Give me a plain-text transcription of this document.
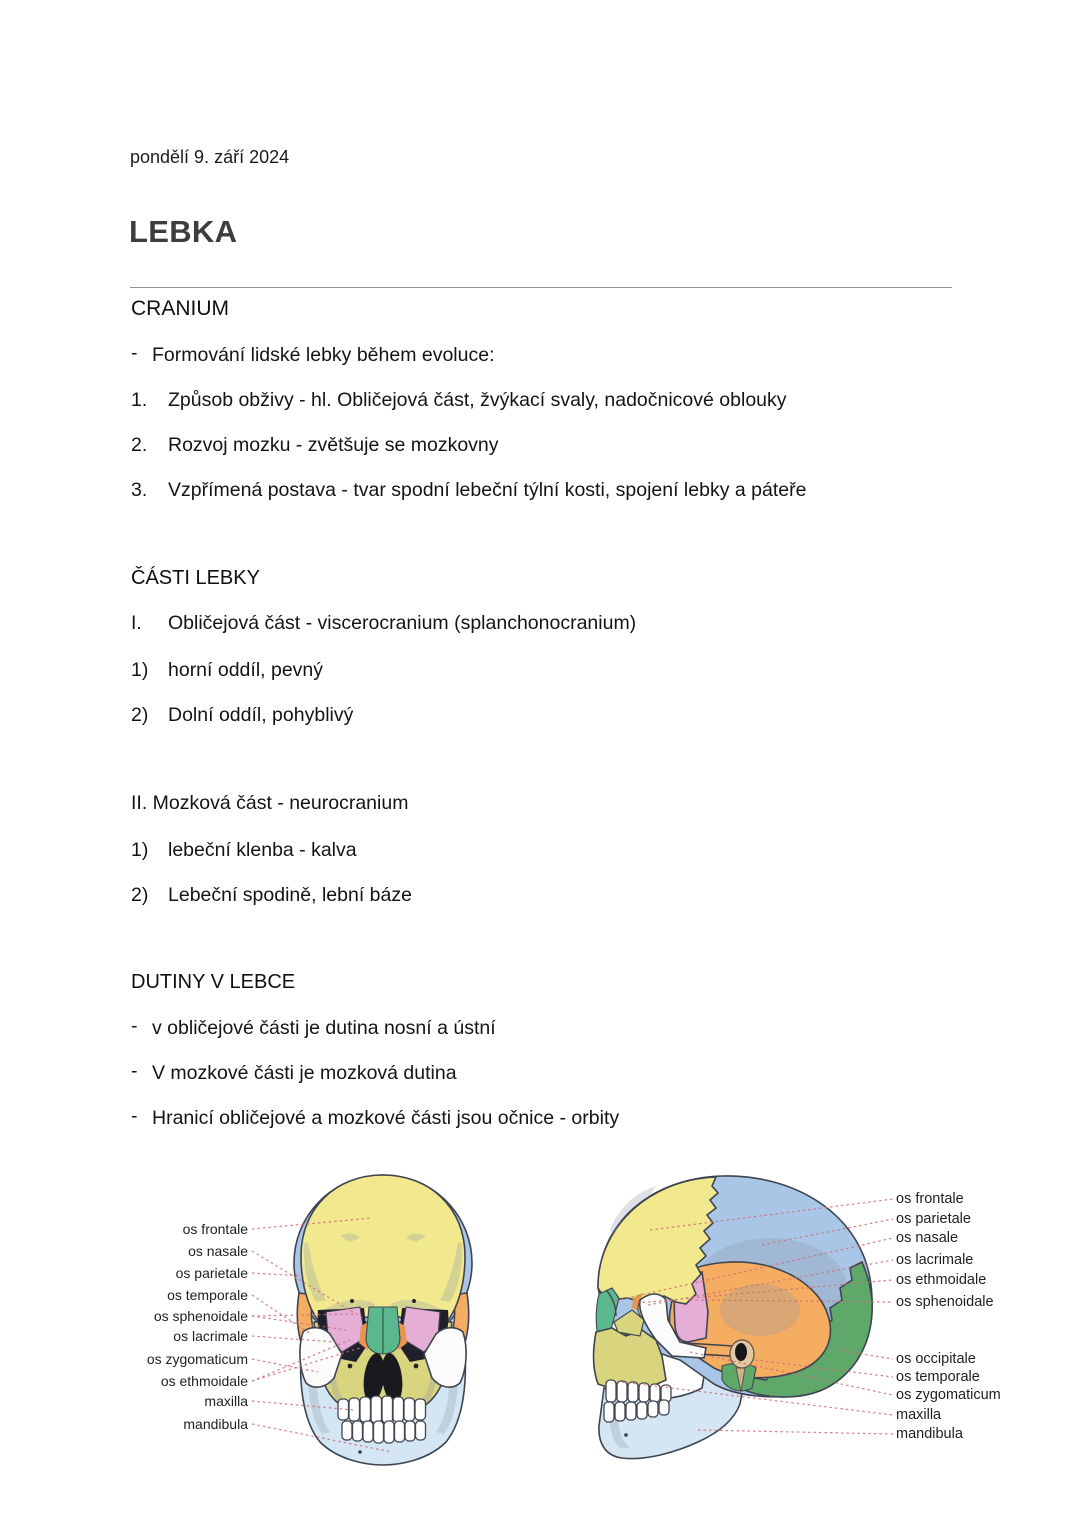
pondělí 9. září 2024
LEBKA
CRANIUM
- Formování lidské lebky během evoluce:
1.	Způsob obživy - hl. Obličejová část, žvýkací svaly, nadočnicové oblouky
2.	Rozvoj mozku - zvětšuje se mozkovny
3.	Vzpřímená postava - tvar spodní lebeční týlní kosti, spojení lebky a páteře
ČÁSTI LEBKY
I.	Obličejová část - viscerocranium (splanchonocranium)
1)	horní oddíl, pevný
2)	Dolní oddíl, pohyblivý
II. Mozková část - neurocranium
1)	lebeční klenba - kalva
2)	Lebeční spodině, lební báze
DUTINY V LEBCE
- v obličejové části je dutina nosní a ústní
- V mozkové části je mozková dutina
- Hranicí obličejové a mozkové části jsou očnice - orbity
os frontale
os nasale
os parietale
os temporale
os sphenoidale
os lacrimale
os zygomaticum
os ethmoidale
maxilla
mandibula
os frontale
os parietale
os nasale
os lacrimale
os ethmoidale
os sphenoidale
os occipitale
os temporale
os zygomaticum
maxilla
mandibula
